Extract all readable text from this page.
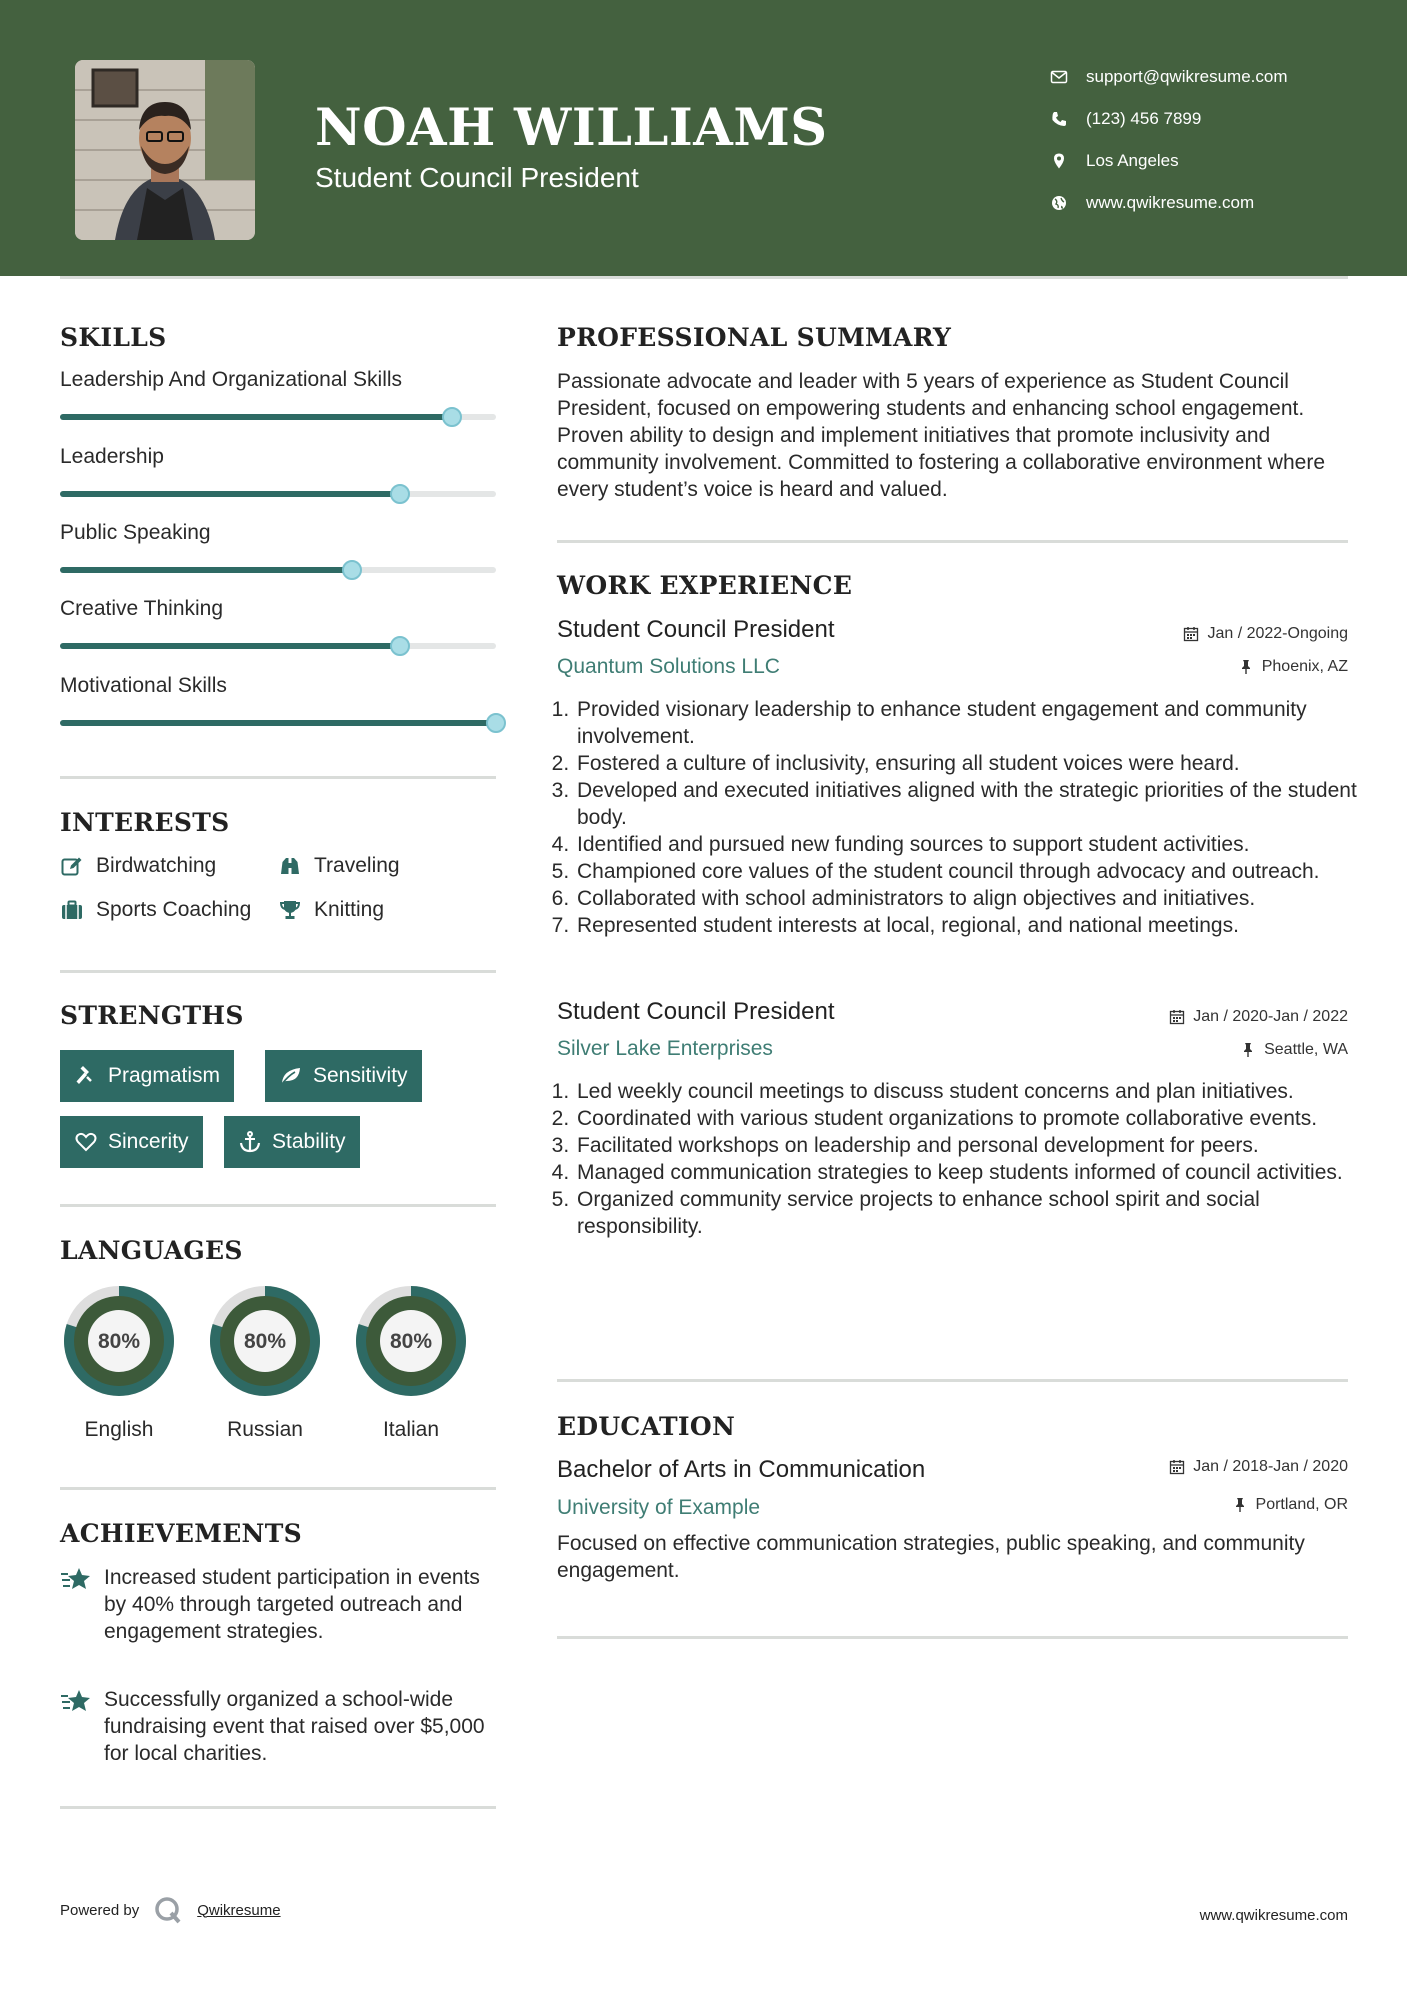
NOAH WILLIAMS
Student Council President
support@qwikresume.com
(123) 456 7899
Los Angeles
www.qwikresume.com
SKILLS
Leadership And Organizational Skills
Leadership
Public Speaking
Creative Thinking
Motivational Skills
INTERESTS
Birdwatching	Traveling
Sports Coaching	Knitting
STRENGTHS
Pragmatism	Sensitivity
Sincerity	Stability
LANGUAGES
80%
English
80%
Russian
80%
Italian
ACHIEVEMENTS
Increased student participation in events by 40% through targeted outreach and engagement strategies.
Successfully organized a school-wide fundraising event that raised over $5,000 for local charities.
PROFESSIONAL SUMMARY
Passionate advocate and leader with 5 years of experience as Student Council President, focused on empowering students and enhancing school engagement. Proven ability to design and implement initiatives that promote inclusivity and community involvement. Committed to fostering a collaborative environment where every student’s voice is heard and valued.
WORK EXPERIENCE
Student Council President	Jan / 2022-Ongoing
Quantum Solutions LLC	Phoenix, AZ
1. Provided visionary leadership to enhance student engagement and community involvement.
2. Fostered a culture of inclusivity, ensuring all student voices were heard.
3. Developed and executed initiatives aligned with the strategic priorities of the student body.
4. Identified and pursued new funding sources to support student activities.
5. Championed core values of the student council through advocacy and outreach.
6. Collaborated with school administrators to align objectives and initiatives.
7. Represented student interests at local, regional, and national meetings.
Student Council President	Jan / 2020-Jan / 2022
Silver Lake Enterprises	Seattle, WA
1. Led weekly council meetings to discuss student concerns and plan initiatives.
2. Coordinated with various student organizations to promote collaborative events.
3. Facilitated workshops on leadership and personal development for peers.
4. Managed communication strategies to keep students informed of council activities.
5. Organized community service projects to enhance school spirit and social responsibility.
EDUCATION
Bachelor of Arts in Communication	Jan / 2018-Jan / 2020
University of Example	Portland, OR
Focused on effective communication strategies, public speaking, and community engagement.
Powered by	Qwikresume	www.qwikresume.com
